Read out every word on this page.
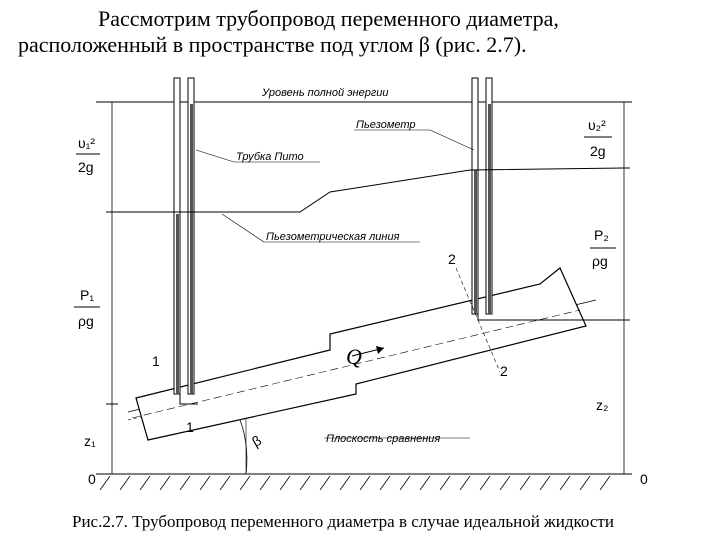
Рассмотрим трубопровод переменного диаметра,
расположенный в пространстве под углом β (рис. 2.7).
Уровень полной энергии
υ₁²
2g
P₁
ρg
z₁
0
υ₂²
2g
P₂
ρg
z₂
0
Плоскость сравнения
β
Q
1
1
2
2
Пьезометрическая линия
Трубка Пито
Пьезометр
Рис.2.7. Трубопровод переменного диаметра в случае идеальной жидкости
